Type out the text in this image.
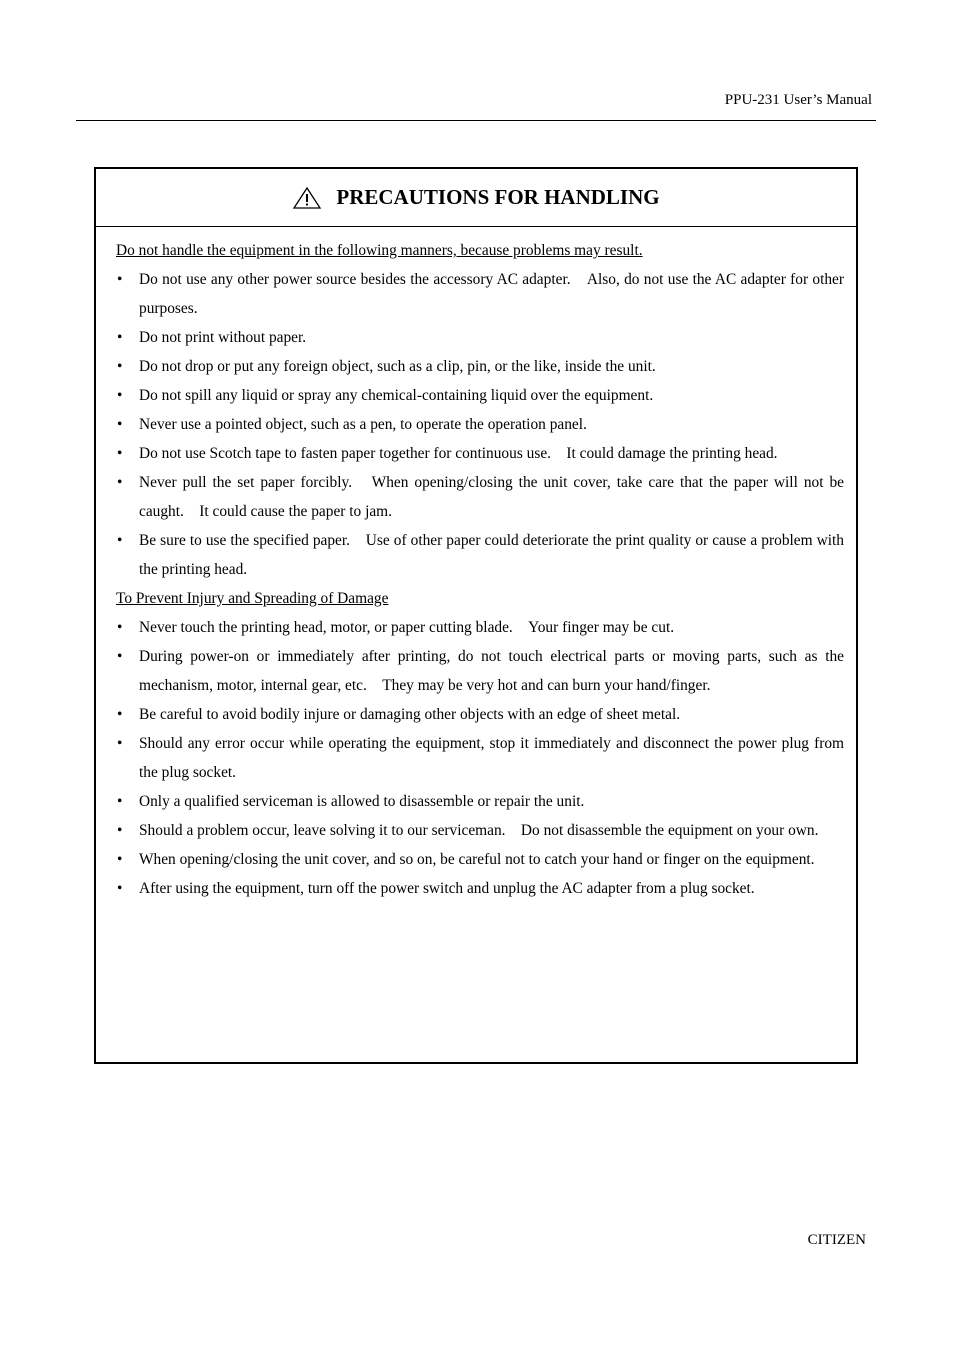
PPU-231 User’s Manual
PRECAUTIONS FOR HANDLING

Do not handle the equipment in the following manners, because problems may result.

• Do not use any other power source besides the accessory AC adapter.　Also, do not use the AC adapter for other purposes.
• Do not print without paper.
• Do not drop or put any foreign object, such as a clip, pin, or the like, inside the unit.
• Do not spill any liquid or spray any chemical-containing liquid over the equipment.
• Never use a pointed object, such as a pen, to operate the operation panel.
• Do not use Scotch tape to fasten paper together for continuous use.　It could damage the printing head.
• Never pull the set paper forcibly.　When opening/closing the unit cover, take care that the paper will not be caught.　It could cause the paper to jam.
• Be sure to use the specified paper.　Use of other paper could deteriorate the print quality or cause a problem with the printing head.

To Prevent Injury and Spreading of Damage

• Never touch the printing head, motor, or paper cutting blade.　Your finger may be cut.
• During power-on or immediately after printing, do not touch electrical parts or moving parts, such as the mechanism, motor, internal gear, etc.　They may be very hot and can burn your hand/finger.
• Be careful to avoid bodily injure or damaging other objects with an edge of sheet metal.
• Should any error occur while operating the equipment, stop it immediately and disconnect the power plug from the plug socket.
• Only a qualified serviceman is allowed to disassemble or repair the unit.
• Should a problem occur, leave solving it to our serviceman.　Do not disassemble the equipment on your own.
• When opening/closing the unit cover, and so on, be careful not to catch your hand or finger on the equipment.
• After using the equipment, turn off the power switch and unplug the AC adapter from a plug socket.
CITIZEN
